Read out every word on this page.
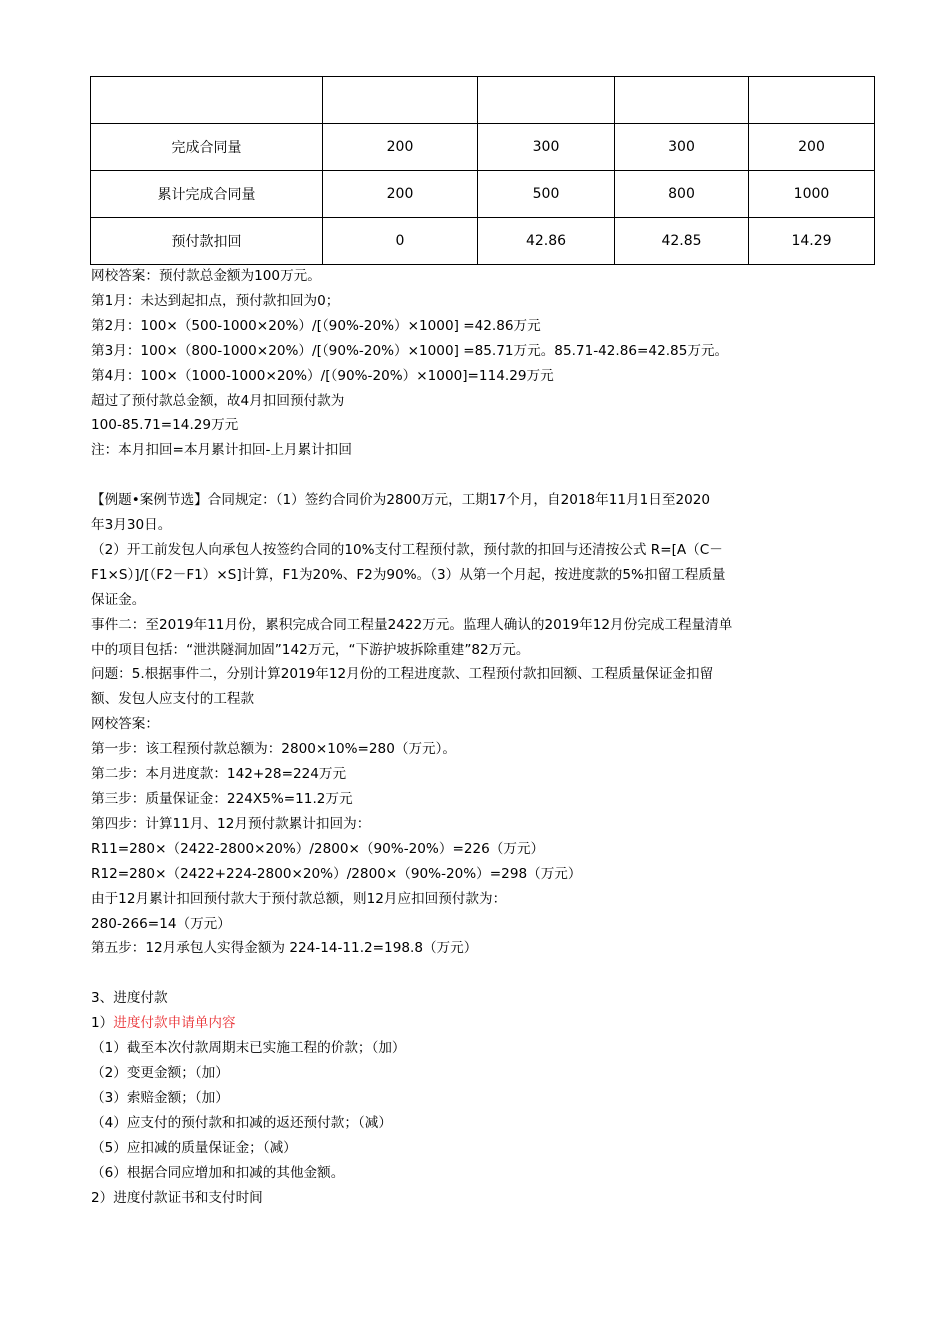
完成合同量	200	300	300	200
累计完成合同量	200	500	800	1000
预付款扣回	0	42.86	42.85	14.29

网校答案：预付款总金额为100万元。

第1月：未达到起扣点，预付款扣回为0；

第2月：100×（500-1000×20%）/[（90%-20%）×1000] =42.86万元

第3月：100×（800-1000×20%）/[（90%-20%）×1000] =85.71万元。85.71-42.86=42.85万元。

第4月：100×（1000-1000×20%）/[（90%-20%）×1000]=114.29万元

超过了预付款总金额，故4月扣回预付款为

100-85.71=14.29万元

注：本月扣回=本月累计扣回-上月累计扣回

【例题•案例节选】合同规定：（1）签约合同价为2800万元，工期17个月，自2018年11月1日至2020

年3月30日。

（2）开工前发包人向承包人按签约合同的10%支付工程预付款，预付款的扣回与还清按公式 R=[A（C－

F1×S）]/[（F2－F1）×S]计算，F1为20%、F2为90%。（3）从第一个月起，按进度款的5%扣留工程质量

保证金。

事件二：至2019年11月份，累积完成合同工程量2422万元。监理人确认的2019年12月份完成工程量清单

中的项目包括：“泄洪隧洞加固”142万元，“下游护坡拆除重建”82万元。

问题：5.根据事件二，分别计算2019年12月份的工程进度款、工程预付款扣回额、工程质量保证金扣留

额、发包人应支付的工程款

网校答案：

第一步：该工程预付款总额为：2800×10%=280（万元）。

第二步：本月进度款：142+28=224万元

第三步：质量保证金：224X5%=11.2万元

第四步：计算11月、12月预付款累计扣回为：

R11=280×（2422-2800×20%）/2800×（90%-20%）=226（万元）

R12=280×（2422+224-2800×20%）/2800×（90%-20%）=298（万元）

由于12月累计扣回预付款大于预付款总额，则12月应扣回预付款为：

280-266=14（万元）

第五步：12月承包人实得金额为 224-14-11.2=198.8（万元）

3、进度付款

1）进度付款申请单内容

（1）截至本次付款周期末已实施工程的价款；（加）

（2）变更金额；（加）

（3）索赔金额；（加）

（4）应支付的预付款和扣减的返还预付款；（减）

（5）应扣减的质量保证金；（减）

（6）根据合同应增加和扣减的其他金额。

2）进度付款证书和支付时间
